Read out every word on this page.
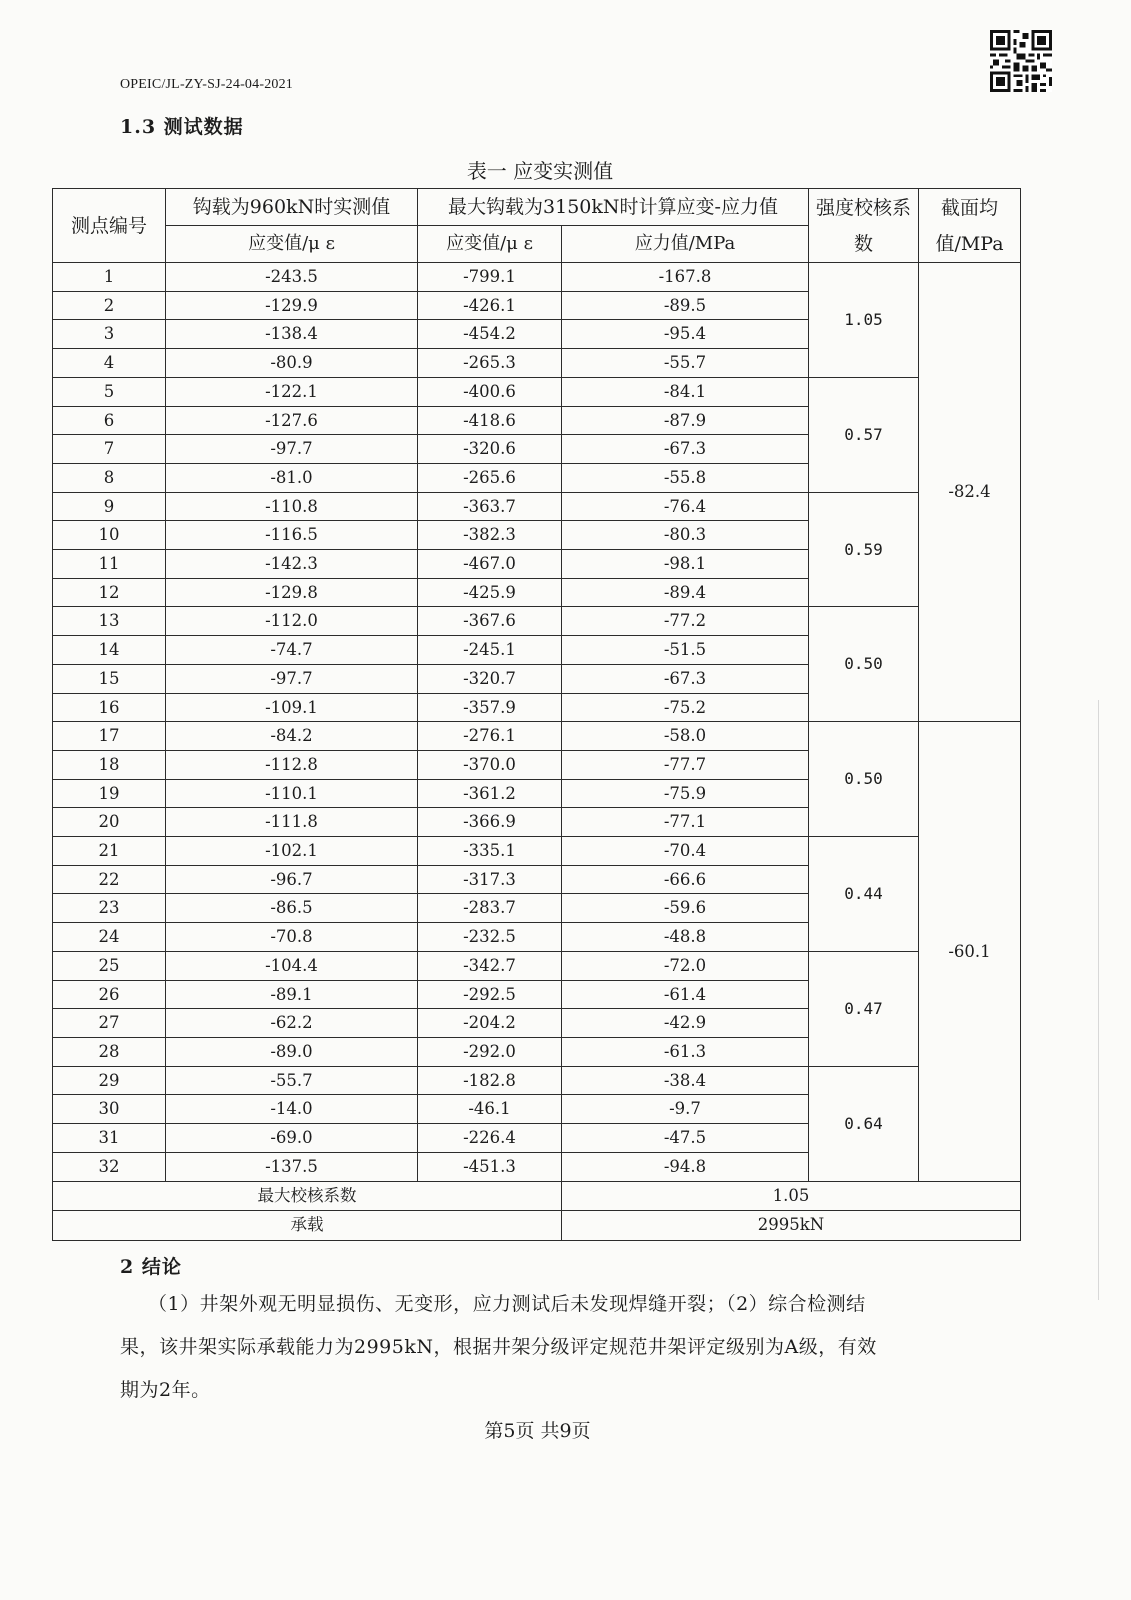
OPEIC/JL-ZY-SJ-24-04-2021
1.3 测试数据
表一 应变实测值
测点编号	钩载为960kN时实测值	最大钩载为3150kN时计算应变-应力值		强度校核系数	截面均值/MPa
	应变值/μ ε	应变值/μ ε	应力值/MPa		
1	-243.5	-799.1	-167.8	1.05	-82.4
2	-129.9	-426.1	-89.5		
3	-138.4	-454.2	-95.4		
4	-80.9	-265.3	-55.7		
5	-122.1	-400.6	-84.1	0.57	
6	-127.6	-418.6	-87.9		
7	-97.7	-320.6	-67.3		
8	-81.0	-265.6	-55.8		
9	-110.8	-363.7	-76.4	0.59	
10	-116.5	-382.3	-80.3		
11	-142.3	-467.0	-98.1		
12	-129.8	-425.9	-89.4		
13	-112.0	-367.6	-77.2	0.50	
14	-74.7	-245.1	-51.5		
15	-97.7	-320.7	-67.3		
16	-109.1	-357.9	-75.2		
17	-84.2	-276.1	-58.0	0.50	-60.1
18	-112.8	-370.0	-77.7		
19	-110.1	-361.2	-75.9		
20	-111.8	-366.9	-77.1		
21	-102.1	-335.1	-70.4	0.44	
22	-96.7	-317.3	-66.6		
23	-86.5	-283.7	-59.6		
24	-70.8	-232.5	-48.8		
25	-104.4	-342.7	-72.0	0.47	
26	-89.1	-292.5	-61.4		
27	-62.2	-204.2	-42.9		
28	-89.0	-292.0	-61.3		
29	-55.7	-182.8	-38.4	0.64	
30	-14.0	-46.1	-9.7		
31	-69.0	-226.4	-47.5		
32	-137.5	-451.3	-94.8		
最大校核系数			1.05		
承载			2995kN		
2 结论

（1）井架外观无明显损伤、无变形，应力测试后未发现焊缝开裂；（2）综合检测结

果，该井架实际承载能力为2995kN，根据井架分级评定规范井架评定级别为A级，有效

期为2年。

第5页 共9页
